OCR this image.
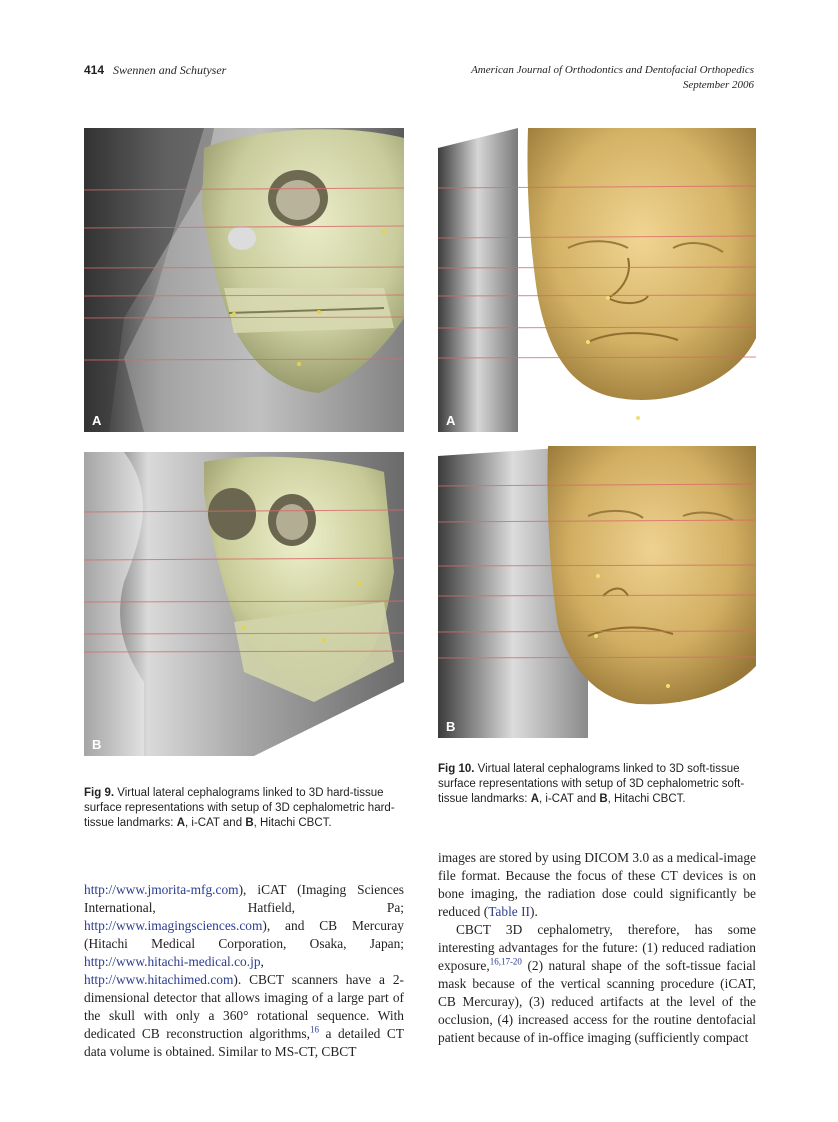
414 Swennen and Schutyser	American Journal of Orthodontics and Dentofacial Orthopedics
September 2006
A
B
A
B
Fig 10. Virtual lateral cephalograms linked to 3D soft-tissue surface representations with setup of 3D cephalometric soft-tissue landmarks: A, i-CAT and B, Hitachi CBCT.
Fig 9. Virtual lateral cephalograms linked to 3D hard-tissue surface representations with setup of 3D cephalometric hard-tissue landmarks: A, i-CAT and B, Hitachi CBCT.

http://www.jmorita-mfg.com), iCAT (Imaging Sciences International, Hatfield, Pa; http://www.imagingsciences.com), and CB Mercuray (Hitachi Medical Corporation, Osaka, Japan; http://www.hitachi-medical.co.jp, http://www.hitachimed.com). CBCT scanners have a 2-dimensional detector that allows imaging of a large part of the skull with only a 360° rotational sequence. With dedicated CB reconstruction algorithms,$^{16}$ a detailed CT data volume is obtained. Similar to MS-CT, CBCT

images are stored by using DICOM 3.0 as a medical-image file format. Because the focus of these CT devices is on bone imaging, the radiation dose could significantly be reduced (Table II).

CBCT 3D cephalometry, therefore, has some interesting advantages for the future: (1) reduced radiation exposure,$^{16,17-20}$ (2) natural shape of the soft-tissue facial mask because of the vertical scanning procedure (iCAT, CB Mercuray), (3) reduced artifacts at the level of the occlusion, (4) increased access for the routine dentofacial patient because of in-office imaging (sufficiently compact
